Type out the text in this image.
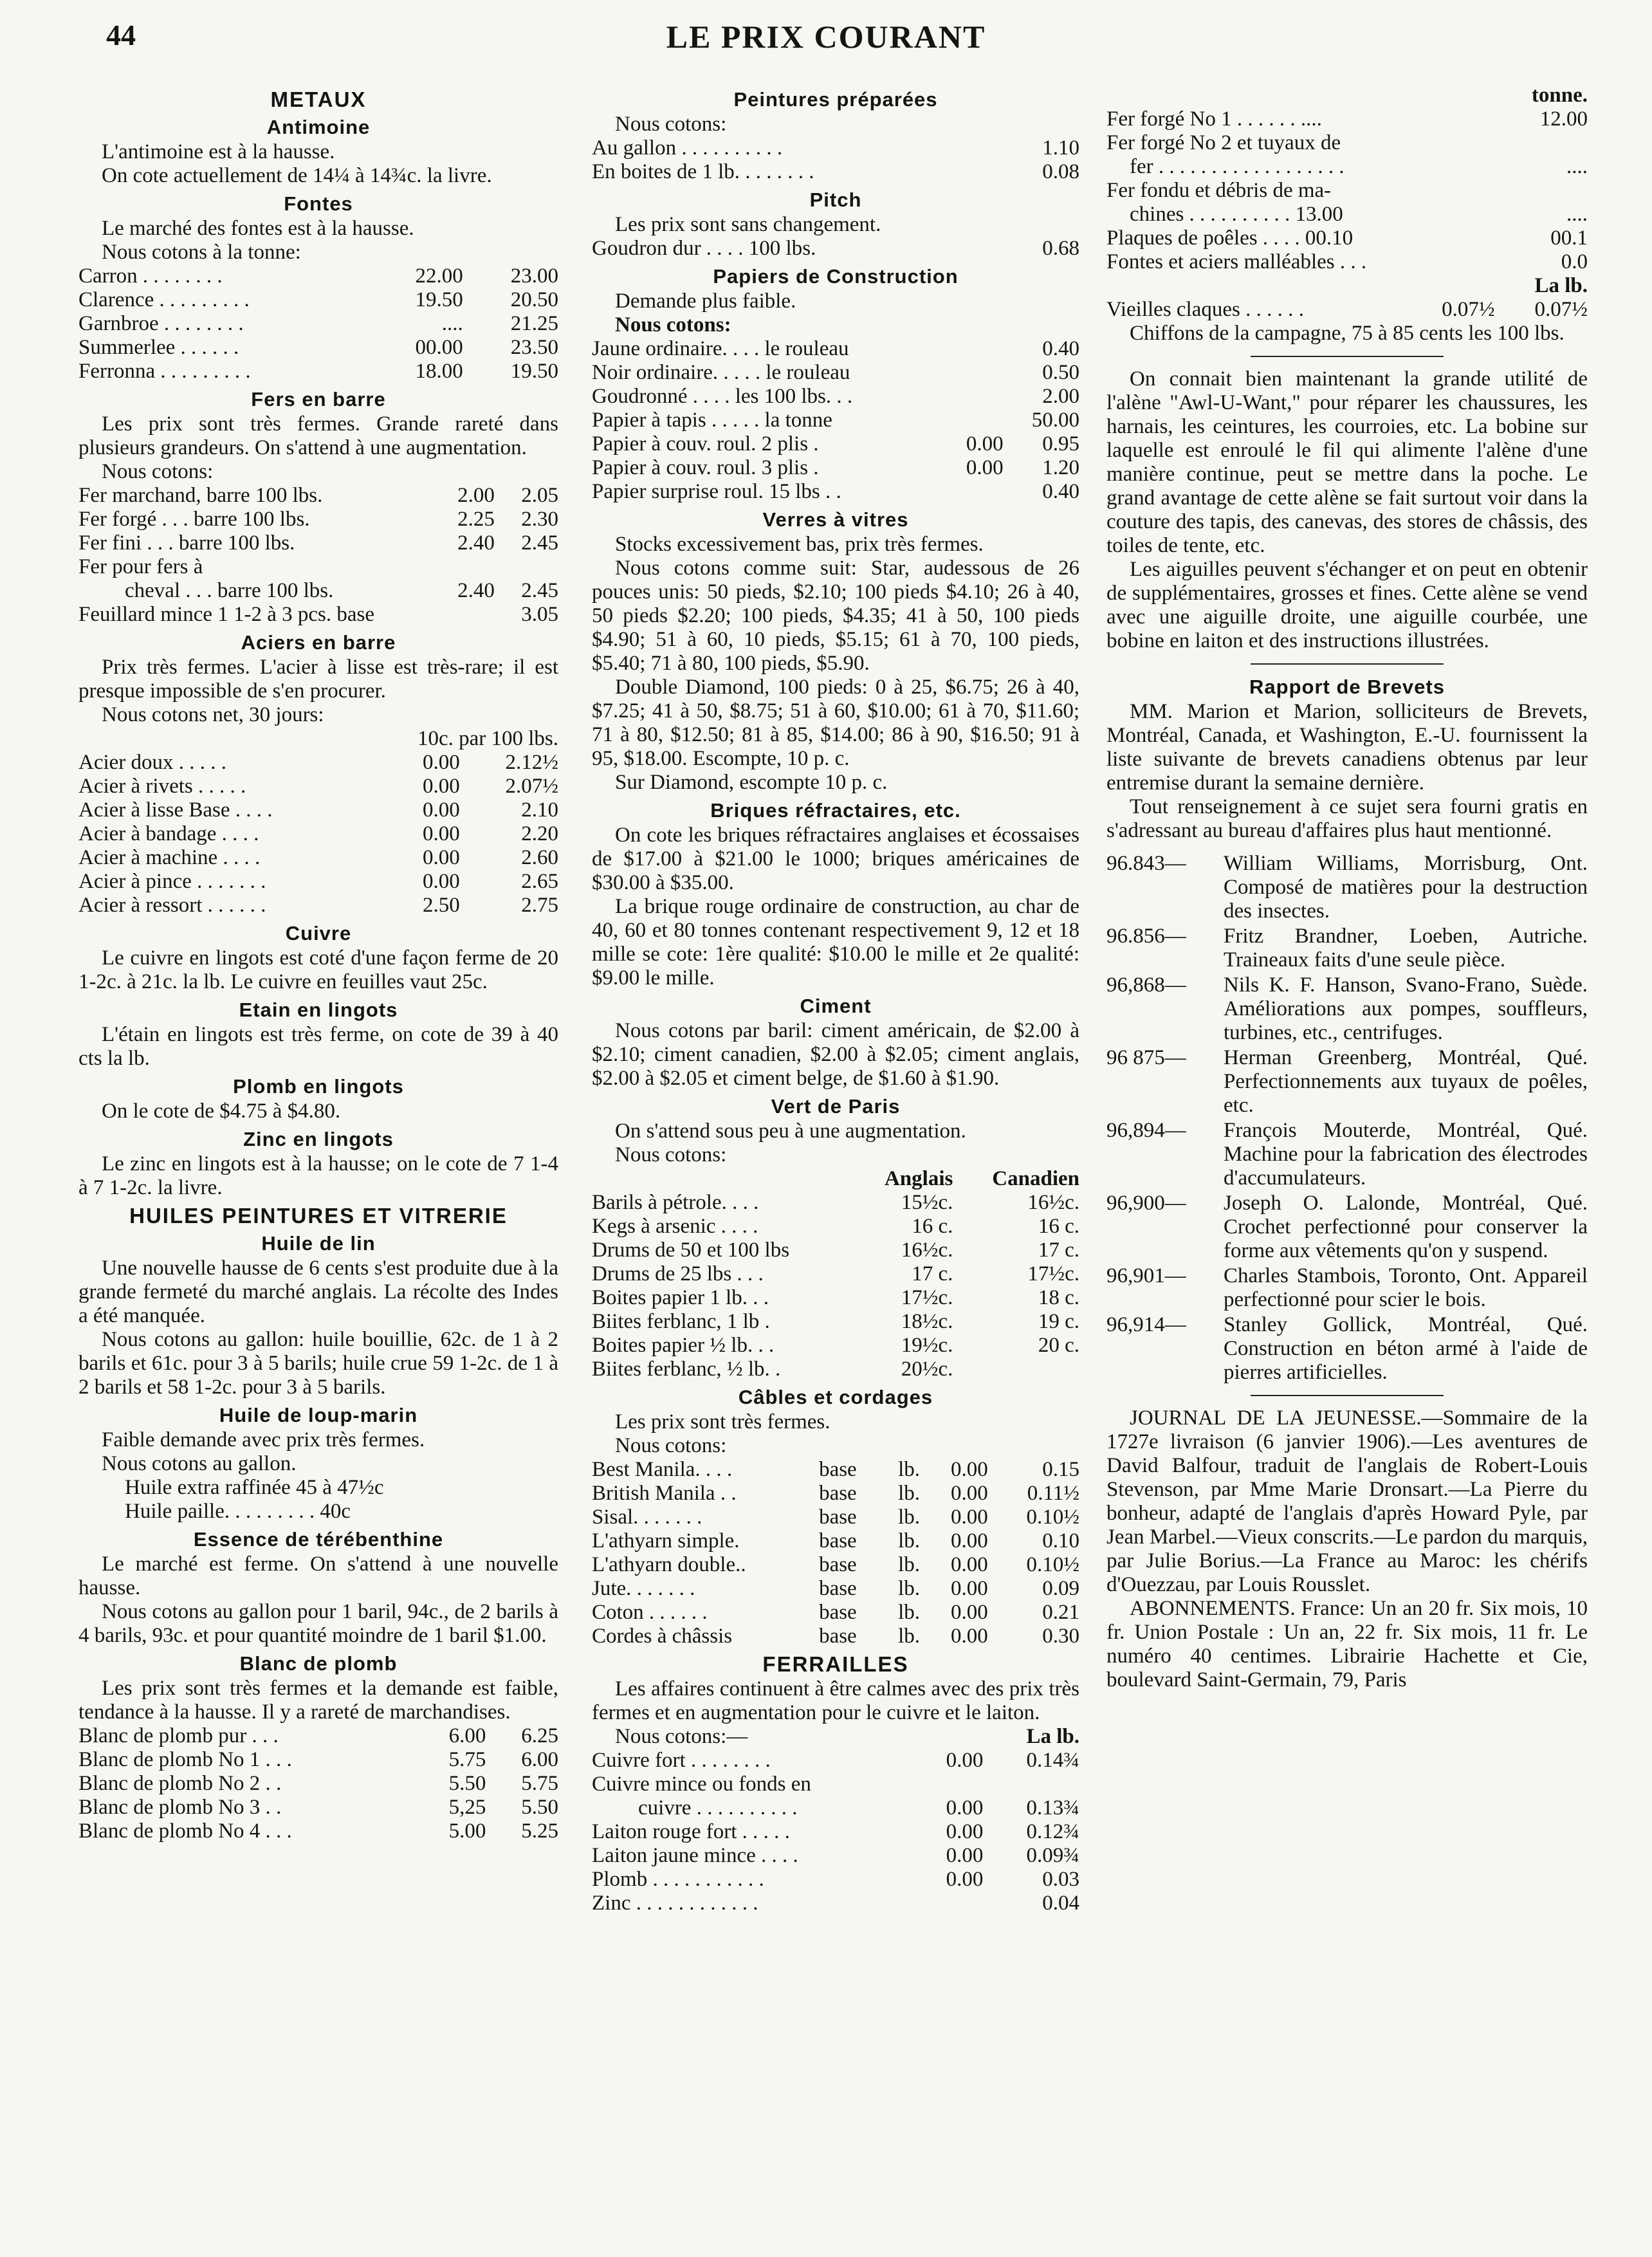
44	LE PRIX COURANT
METAUX
Antimoine

L'antimoine est à la hausse.

On cote actuellement de 14¼ à 14¾c. la livre.

Fontes

Le marché des fontes est à la hausse.

Nous cotons à la tonne:

Carron . . . . . . . .	22.00	23.00
Clarence . . . . . . . . .	19.50	20.50
Garnbroe . . . . . . . .	....	21.25
Summerlee . . . . . .	00.00	23.50
Ferronna . . . . . . . . .	18.00	19.50
Fers en barre

Les prix sont très fermes. Grande rareté dans plusieurs grandeurs. On s'attend à une augmentation.

Nous cotons:
Fer marchand, barre 100 lbs.	2.00	2.05
Fer forgé . . . barre 100 lbs.	2.25	2.30
Fer fini . . . barre 100 lbs.	2.40	2.45
Fer pour fers à		
cheval . . . barre 100 lbs.	2.40	2.45
Feuillard mince 1 1-2 à 3 pcs. base		3.05
Aciers en barre

Prix très fermes. L'acier à lisse est très-rare; il est presque impossible de s'en procurer.

Nous cotons net, 30 jours:
10c. par 100 lbs.
Acier doux . . . . .	0.00	2.12½
Acier à rivets . . . . .	0.00	2.07½
Acier à lisse Base . . . .	0.00	2.10
Acier à bandage . . . .	0.00	2.20
Acier à machine . . . .	0.00	2.60
Acier à pince . . . . . . .	0.00	2.65
Acier à ressort . . . . . .	2.50	2.75
Cuivre

Le cuivre en lingots est coté d'une façon ferme de 20 1-2c. à 21c. la lb. Le cuivre en feuilles vaut 25c.

Etain en lingots

L'étain en lingots est très ferme, on cote de 39 à 40 cts la lb.

Plomb en lingots

On le cote de $4.75 à $4.80.

Zinc en lingots

Le zinc en lingots est à la hausse; on le cote de 7 1-4 à 7 1-2c. la livre.

HUILES PEINTURES ET VITRERIE
Huile de lin

Une nouvelle hausse de 6 cents s'est produite due à la grande fermeté du marché anglais. La récolte des Indes a été manquée.

Nous cotons au gallon: huile bouillie, 62c. de 1 à 2 barils et 61c. pour 3 à 5 barils; huile crue 59 1-2c. de 1 à 2 barils et 58 1-2c. pour 3 à 5 barils.

Huile de loup-marin

Faible demande avec prix très fermes.

Nous cotons au gallon.

Huile extra raffinée 45 à 47½c
Huile paille. . . . . . . . . 40c
Essence de térébenthine

Le marché est ferme. On s'attend à une nouvelle hausse.

Nous cotons au gallon pour 1 baril, 94c., de 2 barils à 4 barils, 93c. et pour quantité moindre de 1 baril $1.00.

Blanc de plomb

Les prix sont très fermes et la demande est faible, tendance à la hausse. Il y a rareté de marchandises.

Blanc de plomb pur . . .	6.00	6.25
Blanc de plomb No 1 . . .	5.75	6.00
Blanc de plomb No 2 . .	5.50	5.75
Blanc de plomb No 3 . .	5,25	5.50
Blanc de plomb No 4 . . .	5.00	5.25
Peintures préparées
Nous cotons:
Au gallon . . . . . . . . . .	1.10
En boites de 1 lb. . . . . . . .	0.08
Pitch

Les prix sont sans changement.

Goudron dur . . . . 100 lbs.	0.68
Papiers de Construction

Demande plus faible.

Nous cotons:
Jaune ordinaire. . . . le rouleau		0.40
Noir ordinaire. . . . . le rouleau		0.50
Goudronné . . . . les 100 lbs. . .		2.00
Papier à tapis . . . . . la tonne		50.00
Papier à couv. roul. 2 plis .	0.00	0.95
Papier à couv. roul. 3 plis .	0.00	1.20
Papier surprise roul. 15 lbs . .		0.40
Verres à vitres

Stocks excessivement bas, prix très fermes.

Nous cotons comme suit: Star, audessous de 26 pouces unis: 50 pieds, $2.10; 100 pieds $4.10; 26 à 40, 50 pieds $2.20; 100 pieds, $4.35; 41 à 50, 100 pieds $4.90; 51 à 60, 10 pieds, $5.15; 61 à 70, 100 pieds, $5.40; 71 à 80, 100 pieds, $5.90.

Double Diamond, 100 pieds: 0 à 25, $6.75; 26 à 40, $7.25; 41 à 50, $8.75; 51 à 60, $10.00; 61 à 70, $11.60; 71 à 80, $12.50; 81 à 85, $14.00; 86 à 90, $16.50; 91 à 95, $18.00. Escompte, 10 p. c.

Sur Diamond, escompte 10 p. c.

Briques réfractaires, etc.

On cote les briques réfractaires anglaises et écossaises de $17.00 à $21.00 le 1000; briques américaines de $30.00 à $35.00.

La brique rouge ordinaire de construction, au char de 40, 60 et 80 tonnes contenant respectivement 9, 12 et 18 mille se cote: 1ère qualité: $10.00 le mille et 2e qualité: $9.00 le mille.

Ciment

Nous cotons par baril: ciment américain, de $2.00 à $2.10; ciment canadien, $2.00 à $2.05; ciment anglais, $2.00 à $2.05 et ciment belge, de $1.60 à $1.90.

Vert de Paris

On s'attend sous peu à une augmentation.

Nous cotons:
	Anglais	Canadien
Barils à pétrole. . . .	15½c.	16½c.
Kegs à arsenic . . . .	16 c.	16 c.
Drums de 50 et 100 lbs	16½c.	17 c.
Drums de 25 lbs . . .	17 c.	17½c.
Boites papier 1 lb. . .	17½c.	18 c.
Biites ferblanc, 1 lb .	18½c.	19 c.
Boites papier ½ lb. . .	19½c.	20 c.
Biites ferblanc, ½ lb. .	20½c.	
Câbles et cordages

Les prix sont très fermes.

Nous cotons:
Best Manila. . . .	base	lb.	0.00	0.15
British Manila . .	base	lb.	0.00	0.11½
Sisal. . . . . . .	base	lb.	0.00	0.10½
L'athyarn simple.	base	lb.	0.00	0.10
L'athyarn double..	base	lb.	0.00	0.10½
Jute. . . . . . .	base	lb.	0.00	0.09
Coton . . . . . .	base	lb.	0.00	0.21
Cordes à châssis	base	lb.	0.00	0.30
FERRAILLES

Les affaires continuent à être calmes avec des prix très fermes et en augmentation pour le cuivre et le laiton.

Nous cotons:—		La lb.
Cuivre fort . . . . . . . .	0.00	0.14¾
Cuivre mince ou fonds en		
cuivre . . . . . . . . . .	0.00	0.13¾
Laiton rouge fort . . . . .	0.00	0.12¾
Laiton jaune mince . . . .	0.00	0.09¾
Plomb . . . . . . . . . . .	0.00	0.03
Zinc . . . . . . . . . . . .		0.04
tonne.
Fer forgé No 1 . . . . . . ....	12.00
Fer forgé No 2 et tuyaux de	
fer . . . . . . . . . . . . . . . . . .	....
Fer fondu et débris de ma-	
chines . . . . . . . . . . 13.00	....
Plaques de poêles . . . . 00.10	00.1
Fontes et aciers malléables . . .	0.0
La lb.
Vieilles claques . . . . . .	0.07½	0.07½

Chiffons de la campagne, 75 à 85 cents les 100 lbs.

On connait bien maintenant la grande utilité de l'alène "Awl-U-Want," pour réparer les chaussures, les harnais, les ceintures, les courroies, etc. La bobine sur laquelle est enroulé le fil qui alimente l'alène d'une manière continue, peut se mettre dans la poche. Le grand avantage de cette alène se fait surtout voir dans la couture des tapis, des canevas, des stores de châssis, des toiles de tente, etc.

Les aiguilles peuvent s'échanger et on peut en obtenir de supplémentaires, grosses et fines. Cette alène se vend avec une aiguille droite, une aiguille courbée, une bobine en laiton et des instructions illustrées.

Rapport de Brevets

MM. Marion et Marion, solliciteurs de Brevets, Montréal, Canada, et Washington, E.-U. fournissent la liste suivante de brevets canadiens obtenus par leur entremise durant la semaine dernière.

Tout renseignement à ce sujet sera fourni gratis en s'adressant au bureau d'affaires plus haut mentionné.

96.843—	William Williams, Morrisburg, Ont. Composé de matières pour la destruction des insectes.
96.856—	Fritz Brandner, Loeben, Autriche. Traineaux faits d'une seule pièce.
96,868—	Nils K. F. Hanson, Svano-Frano, Suède. Améliorations aux pompes, souffleurs, turbines, etc., centrifuges.
96 875—	Herman Greenberg, Montréal, Qué. Perfectionnements aux tuyaux de poêles, etc.
96,894—	François Mouterde, Montréal, Qué. Machine pour la fabrication des électrodes d'accumulateurs.
96,900—	Joseph O. Lalonde, Montréal, Qué. Crochet perfectionné pour conserver la forme aux vêtements qu'on y suspend.
96,901—	Charles Stambois, Toronto, Ont. Appareil perfectionné pour scier le bois.
96,914—	Stanley Gollick, Montréal, Qué. Construction en béton armé à l'aide de pierres artificielles.

JOURNAL DE LA JEUNESSE.—Sommaire de la 1727e livraison (6 janvier 1906).—Les aventures de David Balfour, traduit de l'anglais de Robert-Louis Stevenson, par Mme Marie Dronsart.—La Pierre du bonheur, adapté de l'anglais d'après Howard Pyle, par Jean Marbel.—Vieux conscrits.—Le pardon du marquis, par Julie Borius.—La France au Maroc: les chérifs d'Ouezzau, par Louis Rousslet.

ABONNEMENTS. France: Un an 20 fr. Six mois, 10 fr. Union Postale : Un an, 22 fr. Six mois, 11 fr. Le numéro 40 centimes. Librairie Hachette et Cie, boulevard Saint-Germain, 79, Paris
